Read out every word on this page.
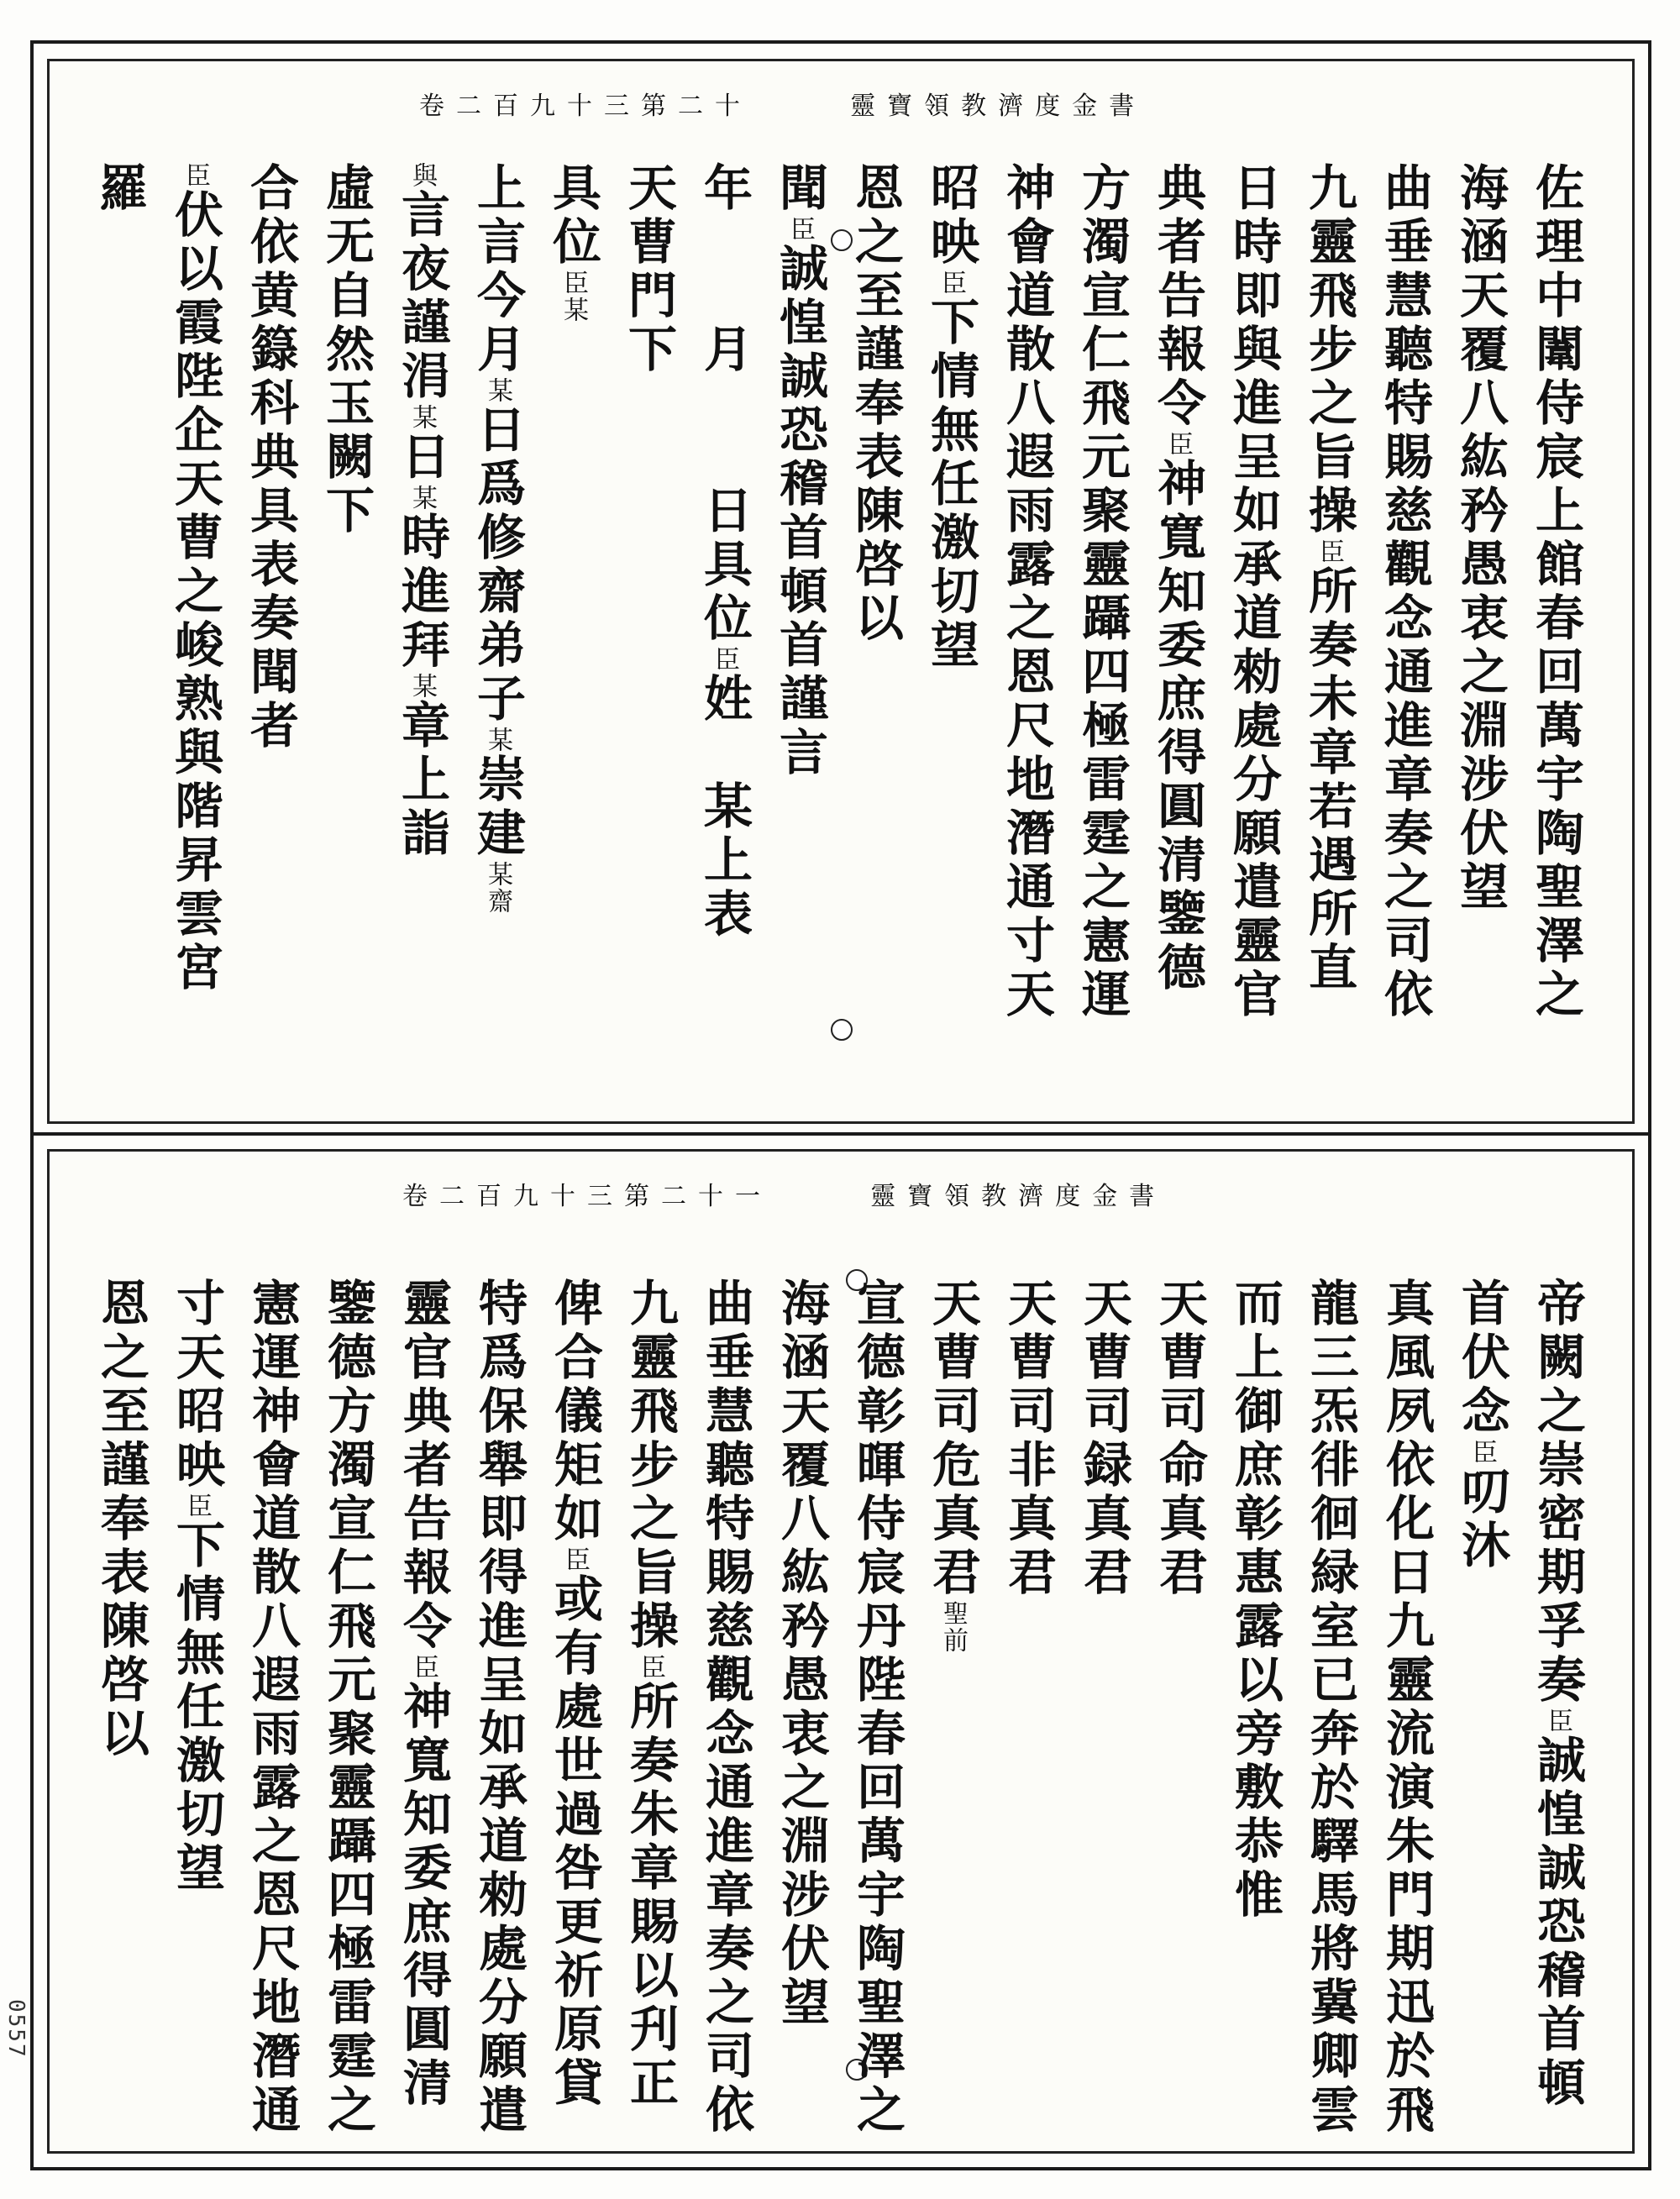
卷二百九十三第二十	靈寶領教濟度金書
佐理中闈侍宸上館春回萬宇陶聖澤之
海涵天覆八紘矜愚衷之淵涉伏望
曲垂慧聽特賜慈觀念通進章奏之司依
九靈飛步之旨操臣所奏未章若遇所直
日時即與進呈如承道勑處分願遣靈官
典者告報令臣神寬知委庶得圓清鑒德
方濁宣仁飛元聚靈躡四極雷霆之憲運
神會道散八遐雨露之恩尺地潛通寸天
昭映臣下情無任激切望
恩之至謹奉表陳啓以
聞臣誠惶誠恐稽首頓首謹言
年　　月　　日具位臣姓　某上表
天曹門下
具位臣某
上言今月某日爲修齋弟子某崇建某齋
與言夜謹涓某日某時進拜某章上詣
虛无自然玉闕下
合依黄籙科典具表奏聞者
臣伏以霞陛企天曹之峻熟與階昇雲宮
羅
卷二百九十三第二十一	靈寶領教濟度金書
帝闕之崇密期孚奏臣誠惶誠恐稽首頓
首伏念臣叨沐
真風夙依化日九靈流演朱門期迅於飛
龍三炁徘徊緑室已奔於驛馬將冀卿雲
而上御庶彰惠露以旁敷恭惟
天曹司命真君
天曹司録真君
天曹司非真君
天曹司危真君聖前
宣德彰暉侍宸丹陛春回萬宇陶聖澤之
海涵天覆八紘矜愚衷之淵涉伏望
曲垂慧聽特賜慈觀念通進章奏之司依
九靈飛步之旨操臣所奏朱章賜以刋正
俾合儀矩如臣或有處世過咎更祈原貸
特爲保舉即得進呈如承道勑處分願遣
靈官典者告報令臣神寬知委庶得圓清
鑒德方濁宣仁飛元聚靈躡四極雷霆之
憲運神會道散八遐雨露之恩尺地潛通
寸天昭映臣下情無任激切望
恩之至謹奉表陳啓以
0557
